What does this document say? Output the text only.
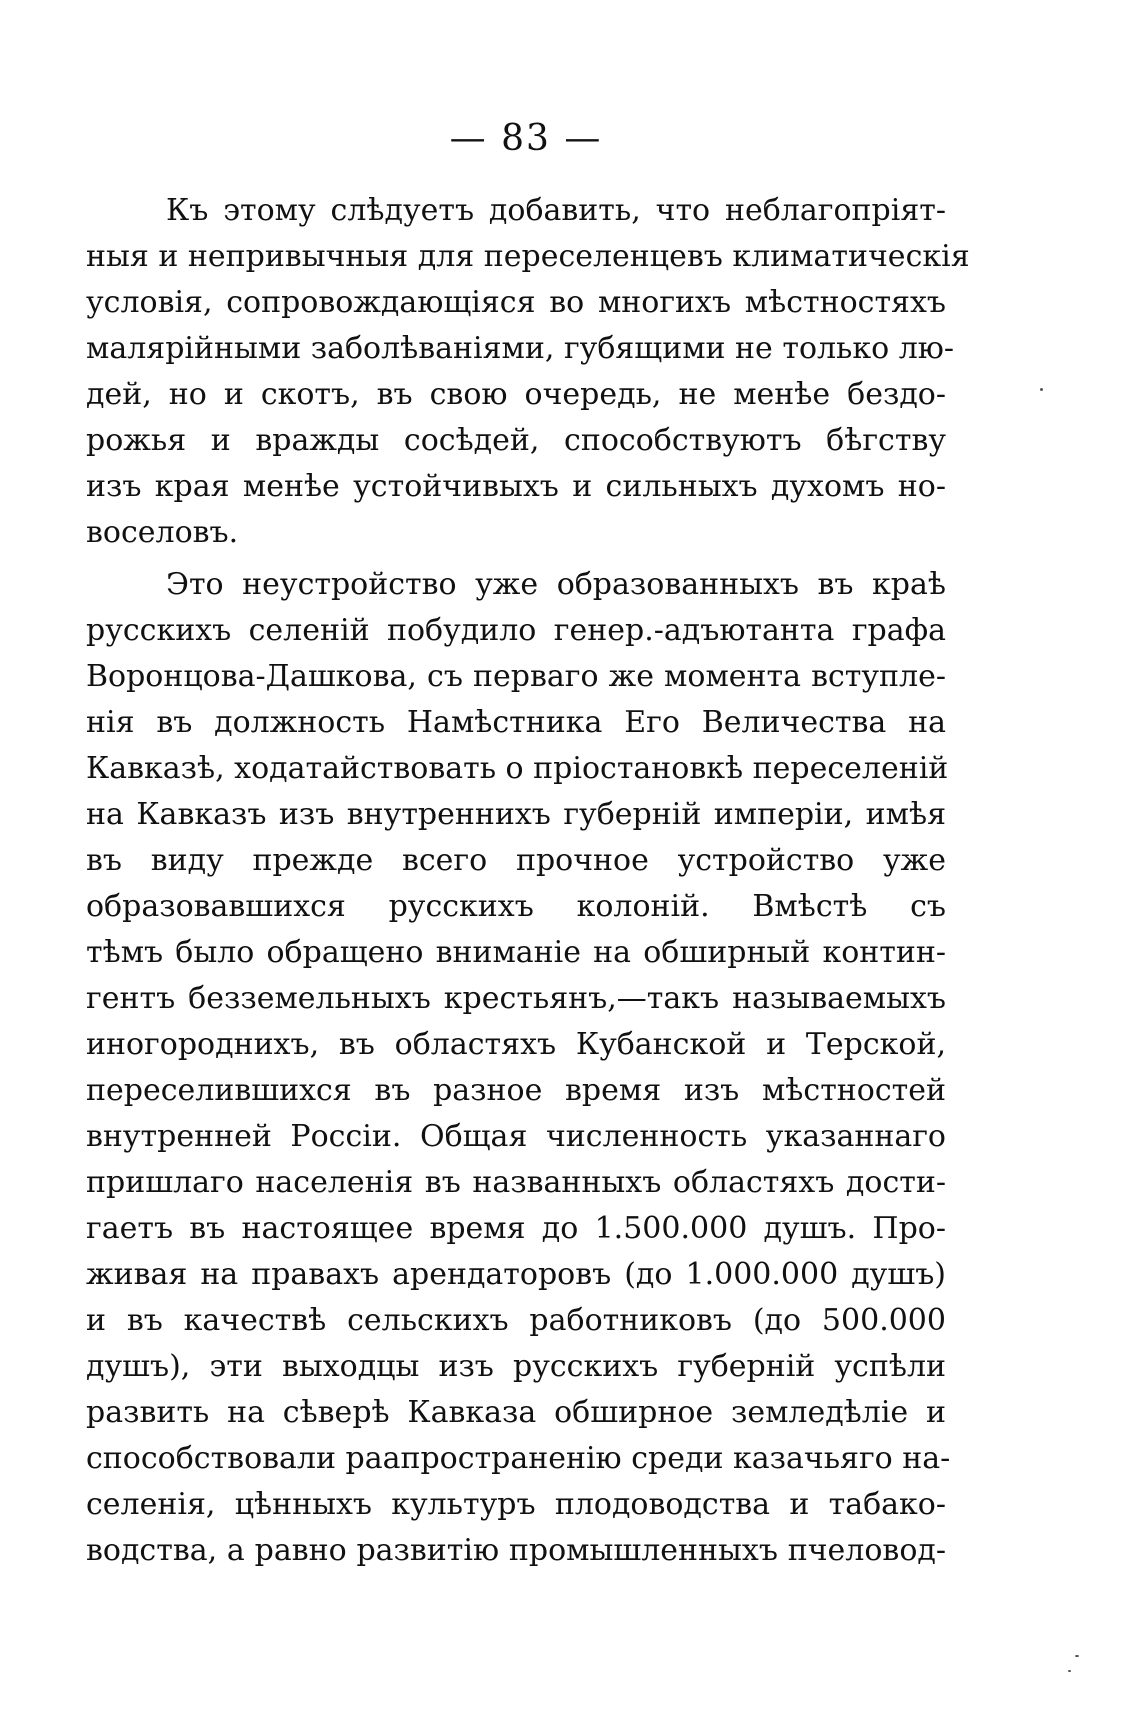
— 83 —
Къ этому слѣдуетъ добавить, что неблагопріят-
ныя и непривычныя для переселенцевъ климатическія
условія, сопровождающіяся во многихъ мѣстностяхъ
малярійными заболѣваніями, губящими не только лю-
дей, но и скотъ, въ свою очередь, не менѣе бездо-
рожья и вражды сосѣдей, способствуютъ бѣгству
изъ края менѣе устойчивыхъ и сильныхъ духомъ но-
воселовъ.
Это неустройство уже образованныхъ въ краѣ
русскихъ селеній побудило генер.-адъютанта графа
Воронцова-Дашкова, съ перваго же момента вступле-
нія въ должность Намѣстника Его Величества на
Кавказѣ, ходатайствовать о пріостановкѣ переселеній
на Кавказъ изъ внутреннихъ губерній имперіи, имѣя
въ виду прежде всего прочное устройство уже
образовавшихся русскихъ колоній. Вмѣстѣ съ
тѣмъ было обращено вниманіе на обширный контин-
гентъ безземельныхъ крестьянъ,—такъ называемыхъ
иногороднихъ, въ областяхъ Кубанской и Терской,
переселившихся въ разное время изъ мѣстностей
внутренней Россіи. Общая численность указаннаго
пришлаго населенія въ названныхъ областяхъ дости-
гаетъ въ настоящее время до 1.500.000 душъ. Про-
живая на правахъ арендаторовъ (до 1.000.000 душъ)
и въ качествѣ сельскихъ работниковъ (до 500.000
душъ), эти выходцы изъ русскихъ губерній успѣли
развить на сѣверѣ Кавказа обширное земледѣліе и
способствовали раапространенію среди казачьяго на-
селенія, цѣнныхъ культуръ плодоводства и табако-
водства, а равно развитію промышленныхъ пчеловод-
